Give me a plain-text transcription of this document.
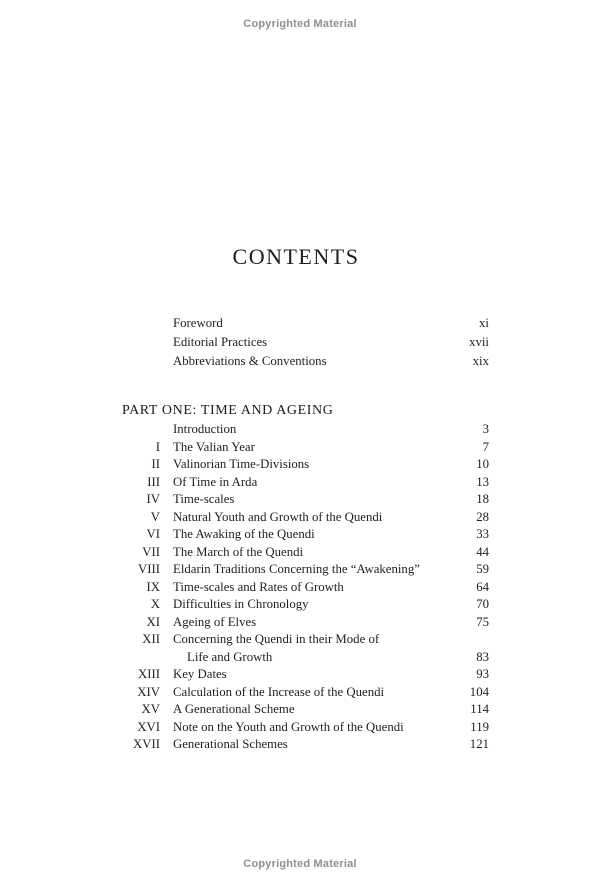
Copyrighted Material
CONTENTS
Foreword	xi
Editorial Practices	xvii
Abbreviations & Conventions	xix
PART ONE: TIME AND AGEING
Introduction	3
I The Valian Year	7
II Valinorian Time-Divisions	10
III Of Time in Arda	13
IV Time-scales	18
V Natural Youth and Growth of the Quendi	28
VI The Awaking of the Quendi	33
VII The March of the Quendi	44
VIII Eldarin Traditions Concerning the “Awakening”	59
IX Time-scales and Rates of Growth	64
X Difficulties in Chronology	70
XI Ageing of Elves	75
XII Concerning the Quendi in their Mode of
Life and Growth	83
XIII Key Dates	93
XIV Calculation of the Increase of the Quendi	104
XV A Generational Scheme	114
XVI Note on the Youth and Growth of the Quendi	119
XVII Generational Schemes	121
Copyrighted Material
